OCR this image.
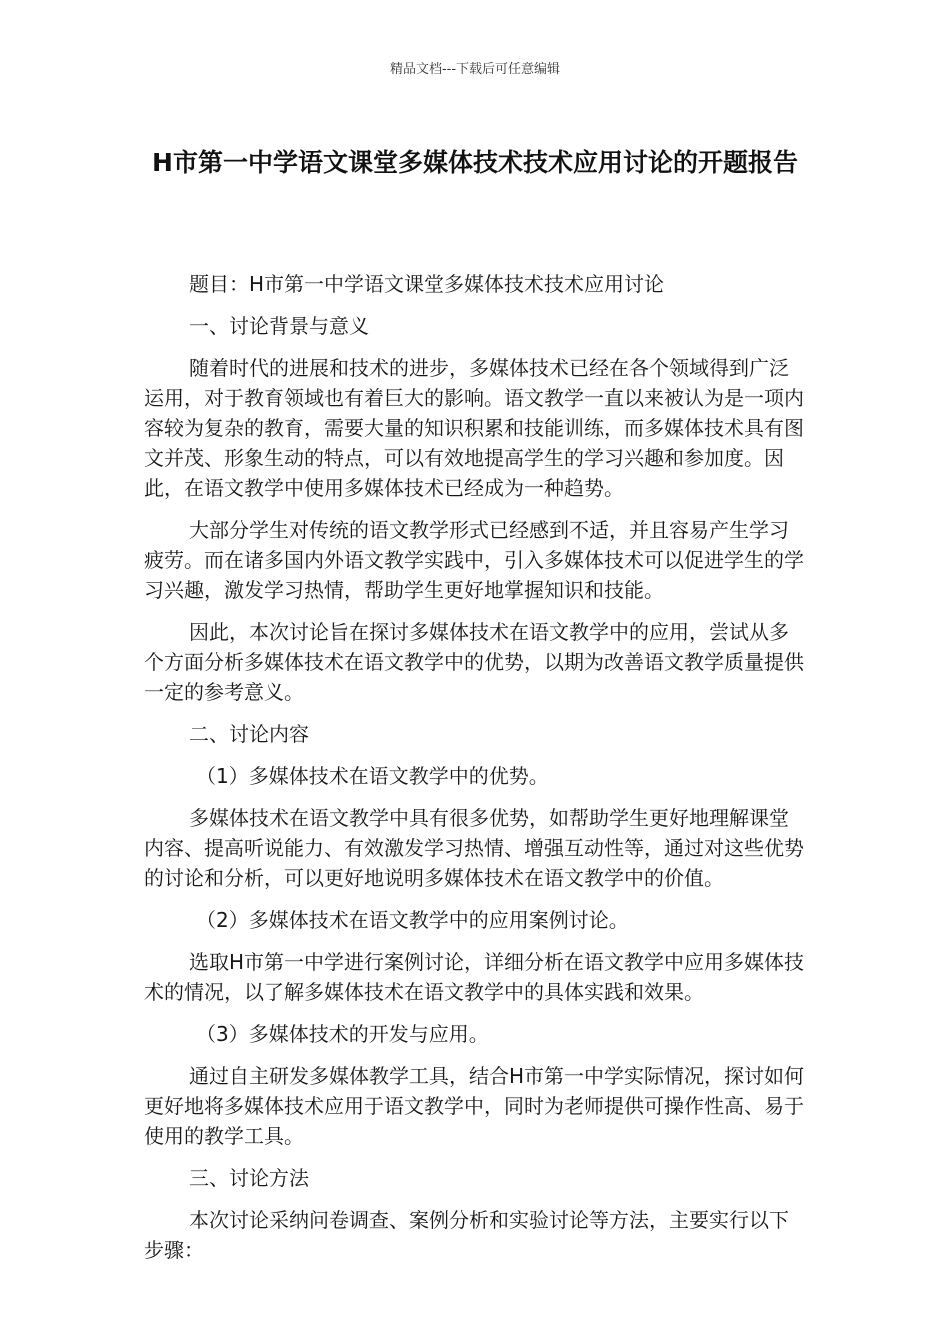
精品文档---下载后可任意编辑
H市第一中学语文课堂多媒体技术技术应用讨论的开题报告

题目：H市第一中学语文课堂多媒体技术技术应用讨论

一、讨论背景与意义

随着时代的进展和技术的进步，多媒体技术已经在各个领域得到广泛运用，对于教育领域也有着巨大的影响。语文教学一直以来被认为是一项内容较为复杂的教育，需要大量的知识积累和技能训练，而多媒体技术具有图文并茂、形象生动的特点，可以有效地提高学生的学习兴趣和参加度。因此，在语文教学中使用多媒体技术已经成为一种趋势。

大部分学生对传统的语文教学形式已经感到不适，并且容易产生学习疲劳。而在诸多国内外语文教学实践中，引入多媒体技术可以促进学生的学习兴趣，激发学习热情，帮助学生更好地掌握知识和技能。

因此，本次讨论旨在探讨多媒体技术在语文教学中的应用，尝试从多个方面分析多媒体技术在语文教学中的优势，以期为改善语文教学质量提供一定的参考意义。

二、讨论内容

（1）多媒体技术在语文教学中的优势。

多媒体技术在语文教学中具有很多优势，如帮助学生更好地理解课堂内容、提高听说能力、有效激发学习热情、增强互动性等，通过对这些优势的讨论和分析，可以更好地说明多媒体技术在语文教学中的价值。

（2）多媒体技术在语文教学中的应用案例讨论。

选取H市第一中学进行案例讨论，详细分析在语文教学中应用多媒体技术的情况，以了解多媒体技术在语文教学中的具体实践和效果。

（3）多媒体技术的开发与应用。

通过自主研发多媒体教学工具，结合H市第一中学实际情况，探讨如何更好地将多媒体技术应用于语文教学中，同时为老师提供可操作性高、易于使用的教学工具。

三、讨论方法

本次讨论采纳问卷调查、案例分析和实验讨论等方法，主要实行以下步骤：
